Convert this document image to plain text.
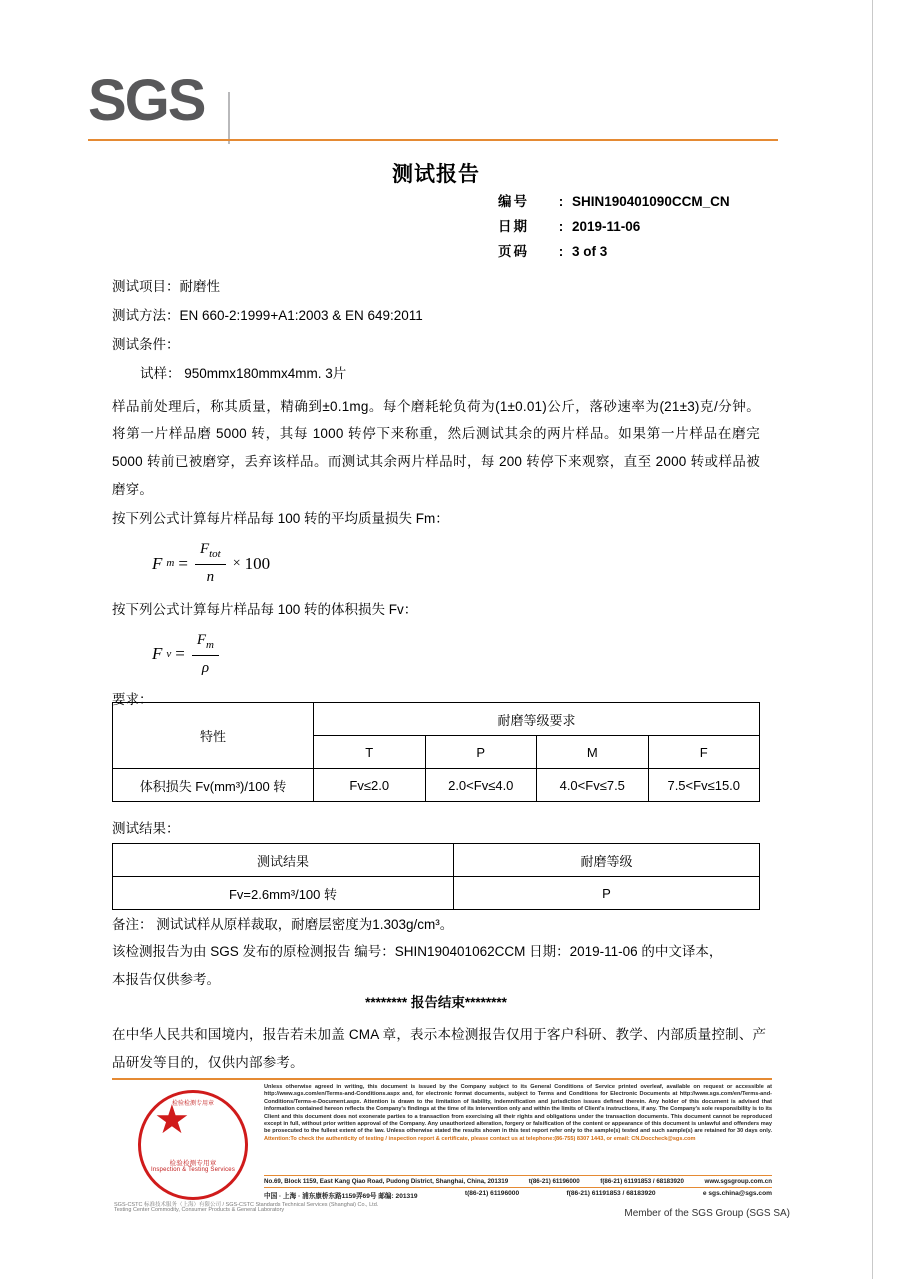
SGS
测试报告
编号	: SHIN190401090CCM_CN
日期	: 2019-11-06
页码	: 3 of 3

测试项目：耐磨性

测试方法：EN 660-2:1999+A1:2003 & EN 649:2011

测试条件：

试样： 950mmx180mmx4mm. 3片

样品前处理后，称其质量，精确到±0.1mg。每个磨耗轮负荷为(1±0.01)公斤，落砂速率为(21±3)克/分钟。将第一片样品磨 5000 转，其每 1000 转停下来称重，然后测试其余的两片样品。如果第一片样品在磨完 5000 转前已被磨穿，丢弃该样品。而测试其余两片样品时，每 200 转停下来观察，直至 2000 转或样品被磨穿。

按下列公式计算每片样品每 100 转的平均质量损失 Fm：

F $m = \frac{F_{tot}}{n} \times 100$

按下列公式计算每片样品每 100 转的体积损失 Fv：

F $v = \frac{F_m}{\rho}$

要求：

特性	耐磨等级要求			
	T	P	M	F
体积损失 Fv(mm³)/100 转	Fv≤2.0	2.0<Fv≤4.0	4.0<Fv≤7.5	7.5<Fv≤15.0
测试结果：
测试结果	耐磨等级
Fv=2.6mm³/100 转	P
备注： 测试试样从原样裁取，耐磨层密度为1.303g/cm³。
该检测报告为由 SGS 发布的原检测报告 编号：SHIN190401062CCM 日期：2019-11-06 的中文译本，
本报告仅供参考。
******** 报告结束********
在中华人民共和国境内，报告若未加盖 CMA 章，表示本检测报告仅用于客户科研、教学、内部质量控制、产品研发等目的，仅供内部参考。
检验检测专用章
检验检测专用章
Inspection & Testing Services
SGS-CSTC 标准技术服务（上海）有限公司 / SGS-CSTC Standards Technical Services (Shanghai) Co., Ltd.
Testing Center Commodity, Consumer Products & General Laboratory
Unless otherwise agreed in writing, this document is issued by the Company subject to its General Conditions of Service printed overleaf, available on request or accessible at http://www.sgs.com/en/Terms-and-Conditions.aspx and, for electronic format documents, subject to Terms and Conditions for Electronic Documents at http://www.sgs.com/en/Terms-and-Conditions/Terms-e-Document.aspx. Attention is drawn to the limitation of liability, indemnification and jurisdiction issues defined therein. Any holder of this document is advised that information contained hereon reflects the Company's findings at the time of its intervention only and within the limits of Client's instructions, if any. The Company's sole responsibility is to its Client and this document does not exonerate parties to a transaction from exercising all their rights and obligations under the transaction documents. This document cannot be reproduced except in full, without prior written approval of the Company. Any unauthorized alteration, forgery or falsification of the content or appearance of this document is unlawful and offenders may be prosecuted to the fullest extent of the law. Unless otherwise stated the results shown in this test report refer only to the sample(s) tested and such sample(s) are retained for 30 days only. Attention:To check the authenticity of testing / inspection report & certificate, please contact us at telephone:(86-755) 8307 1443, or email: CN.Doccheck@sgs.com
No.69, Block 1159, East Kang Qiao Road, Pudong District, Shanghai, China, 201319	t(86-21) 61196000	f(86-21) 61191853 / 68183920	www.sgsgroup.com.cn
中国 · 上海 · 浦东康桥东路1159弄69号 邮编: 201319	t(86-21) 61196000	f(86-21) 61191853 / 68183920	e sgs.china@sgs.com
Member of the SGS Group (SGS SA)
